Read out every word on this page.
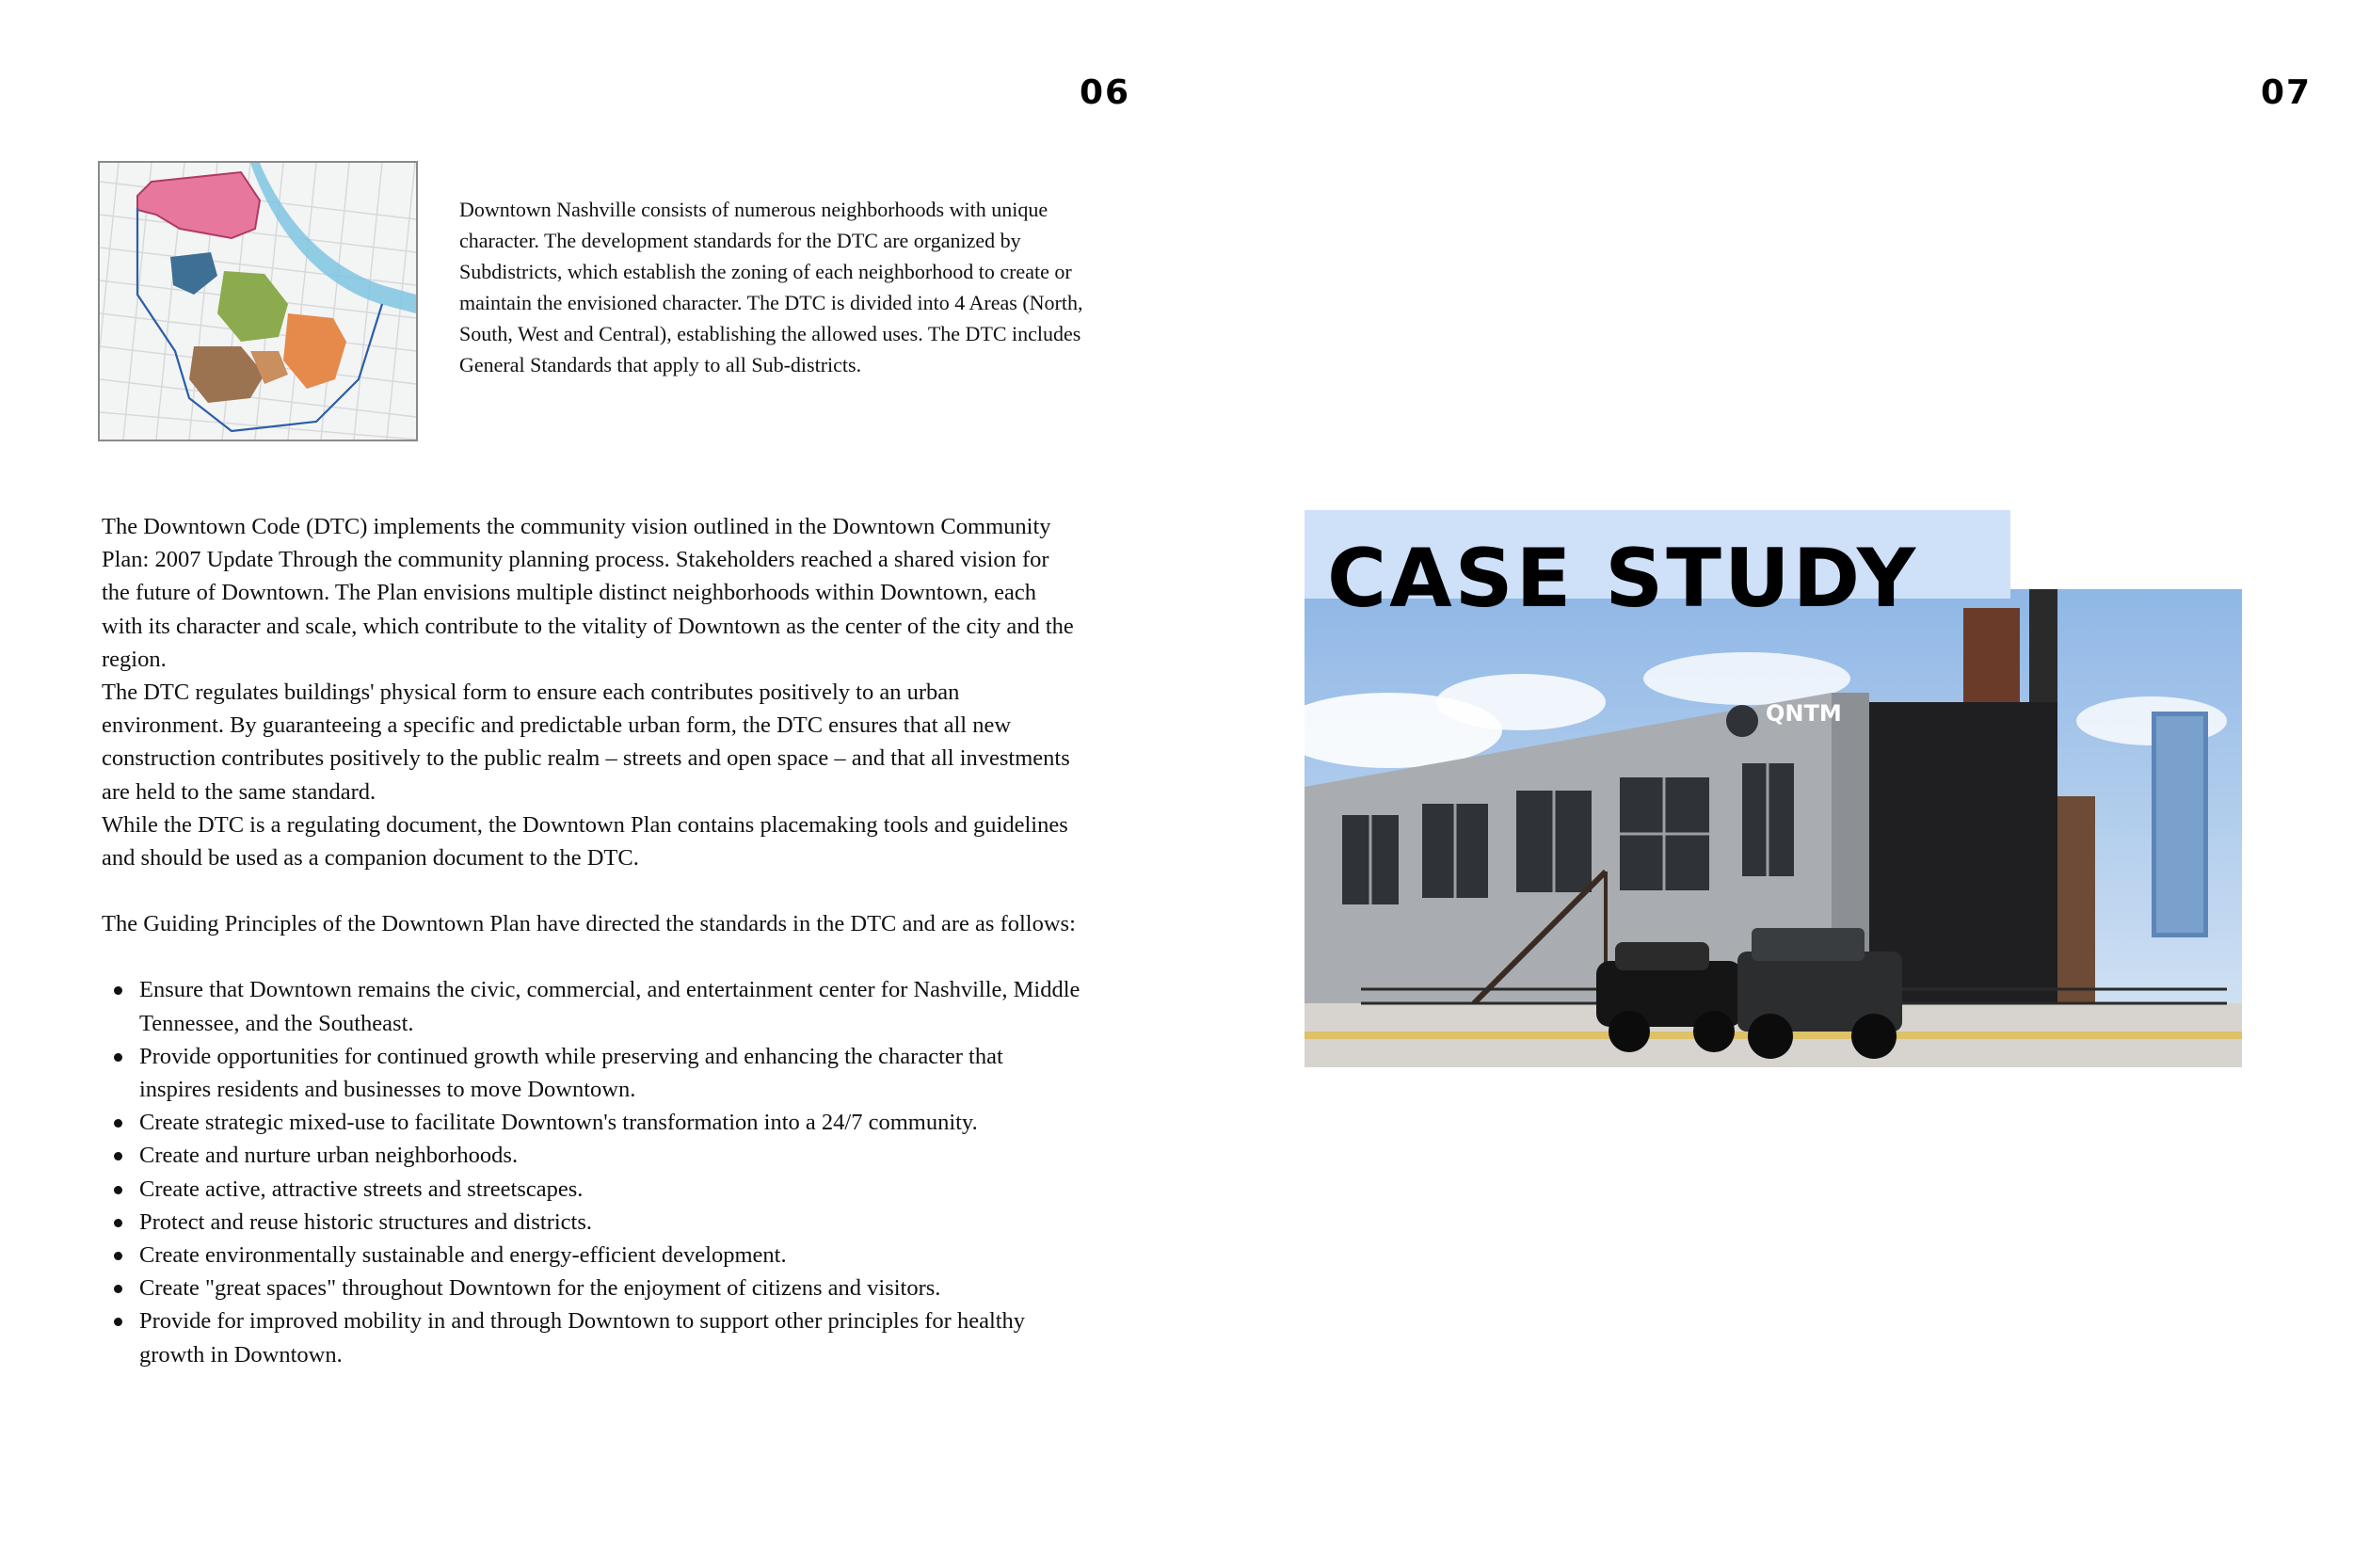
06	07

Downtown Nashville consists of numerous neighborhoods with unique character. The development standards for the DTC are organized by Subdistricts, which establish the zoning of each neighborhood to create or maintain the envisioned character. The DTC is divided into 4 Areas (North, South, West and Central), establishing the allowed uses. The DTC includes General Standards that apply to all Sub-districts.

The Downtown Code (DTC) implements the community vision outlined in the Downtown Community Plan: 2007 Update Through the community planning process. Stakeholders reached a shared vision for the future of Downtown. The Plan envisions multiple distinct neighborhoods within Downtown, each with its character and scale, which contribute to the vitality of Downtown as the center of the city and the region.

The DTC regulates buildings' physical form to ensure each contributes positively to an urban environment. By guaranteeing a specific and predictable urban form, the DTC ensures that all new construction contributes positively to the public realm – streets and open space – and that all investments are held to the same standard.

While the DTC is a regulating document, the Downtown Plan contains placemaking tools and guidelines and should be used as a companion document to the DTC.

The Guiding Principles of the Downtown Plan have directed the standards in the DTC and are as follows:

Ensure that Downtown remains the civic, commercial, and entertainment center for Nashville, Middle Tennessee, and the Southeast.
Provide opportunities for continued growth while preserving and enhancing the character that inspires residents and businesses to move Downtown.
Create strategic mixed-use to facilitate Downtown's transformation into a 24/7 community.
Create and nurture urban neighborhoods.
Create active, attractive streets and streetscapes.
Protect and reuse historic structures and districts.
Create environmentally sustainable and energy-efficient development.
Create "great spaces" throughout Downtown for the enjoyment of citizens and visitors.
Provide for improved mobility in and through Downtown to support other principles for healthy growth in Downtown.
QNTM
CASE STUDY
